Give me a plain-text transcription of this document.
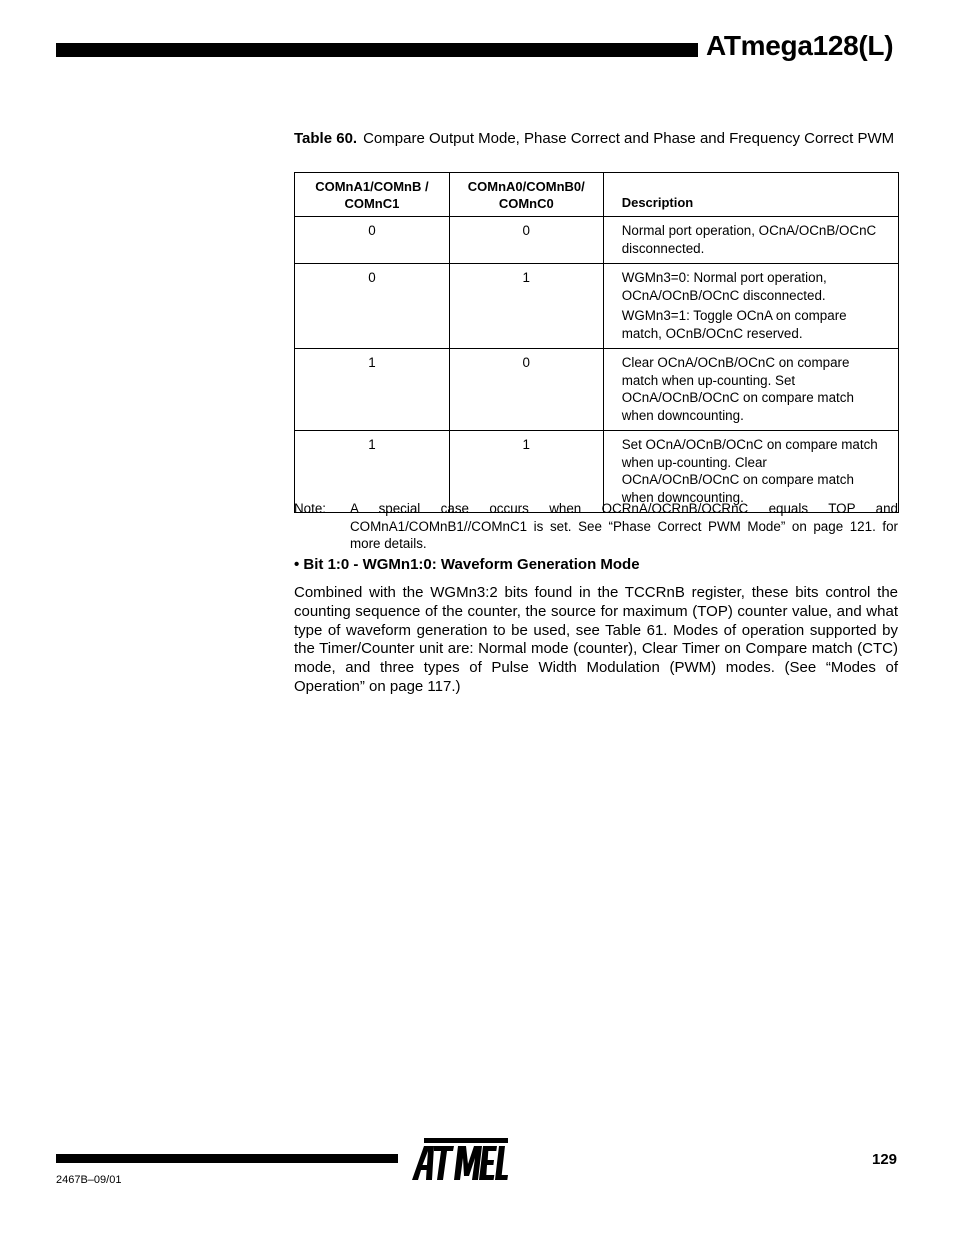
ATmega128(L)
Table 60. Compare Output Mode, Phase Correct and Phase and Frequency Correct PWM
COMnA1/COMnB / COMnC1	COMnA0/COMnB0/ COMnC0	Description
0	0	Normal port operation, OCnA/OCnB/OCnC disconnected.

0	1	WGMn3=0: Normal port operation, OCnA/OCnB/OCnC disconnected.

WGMn3=1: Toggle OCnA on compare match, OCnB/OCnC reserved.

1	0	Clear OCnA/OCnB/OCnC on compare match when up-counting. Set OCnA/OCnB/OCnC on compare match when downcounting.

1	1	Set OCnA/OCnB/OCnC on compare match when up-counting. Clear OCnA/OCnB/OCnC on compare match when downcounting.

Note: A special case occurs when OCRnA/OCRnB/OCRnC equals TOP and COMnA1/COMnB1//COMnC1 is set. See “Phase Correct PWM Mode” on page 121. for more details.
• Bit 1:0 - WGMn1:0: Waveform Generation Mode
Combined with the WGMn3:2 bits found in the TCCRnB register, these bits control the counting sequence of the counter, the source for maximum (TOP) counter value, and what type of waveform generation to be used, see Table 61. Modes of operation supported by the Timer/Counter unit are: Normal mode (counter), Clear Timer on Compare match (CTC) mode, and three types of Pulse Width Modulation (PWM) modes. (See “Modes of Operation” on page 117.)
129
2467B–09/01
